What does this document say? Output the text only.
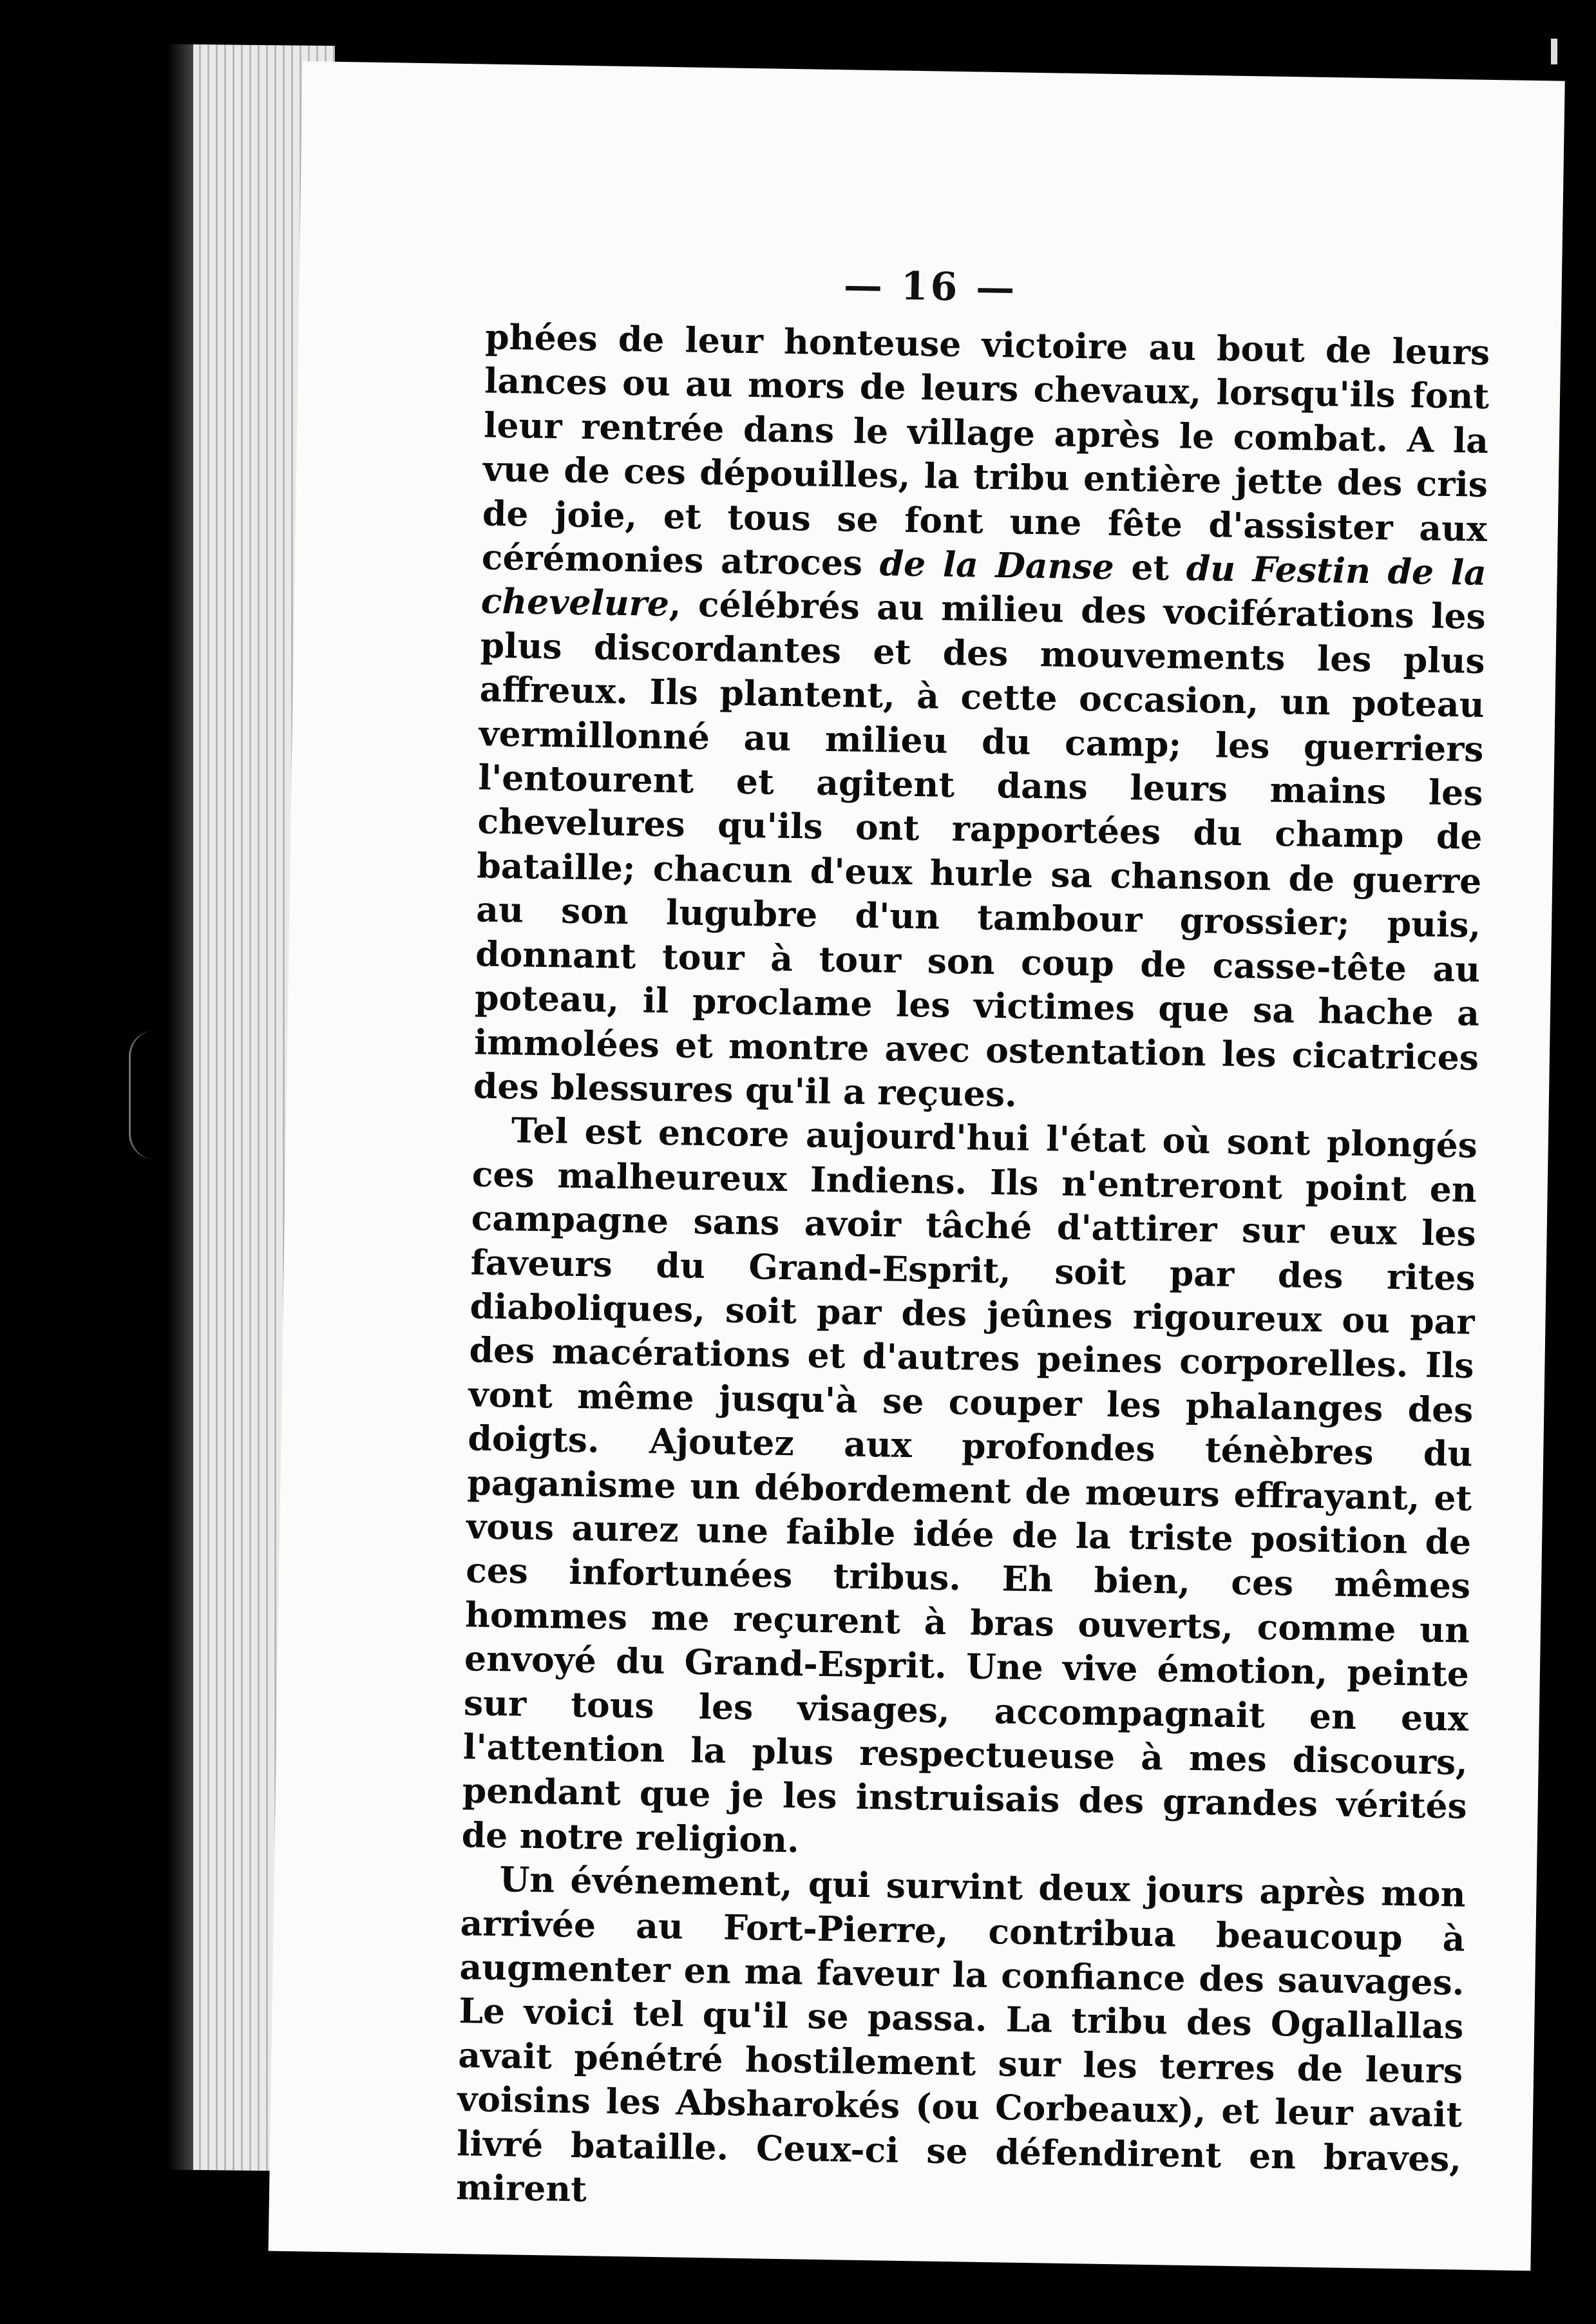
— 16 —

phées de leur honteuse victoire au bout de leurs lances ou au mors de leurs chevaux, lorsqu'ils font leur rentrée dans le village après le combat. A la vue de ces dépouilles, la tribu entière jette des cris de joie, et tous se font une fête d'assister aux cérémonies atroces de la Danse et du Festin de la chevelure, célébrés au milieu des vociférations les plus discordantes et des mouvements les plus affreux. Ils plantent, à cette occasion, un poteau vermillonné au milieu du camp; les guerriers l'entourent et agitent dans leurs mains les chevelures qu'ils ont rapportées du champ de bataille; chacun d'eux hurle sa chanson de guerre au son lugubre d'un tambour grossier; puis, donnant tour à tour son coup de casse-tête au poteau, il proclame les victimes que sa hache a immolées et montre avec ostentation les cicatrices des blessures qu'il a reçues.

Tel est encore aujourd'hui l'état où sont plongés ces malheureux Indiens. Ils n'entreront point en campagne sans avoir tâché d'attirer sur eux les faveurs du Grand-Esprit, soit par des rites diaboliques, soit par des jeûnes rigoureux ou par des macérations et d'autres peines corporelles. Ils vont même jusqu'à se couper les phalanges des doigts. Ajoutez aux profondes ténèbres du paganisme un débordement de mœurs effrayant, et vous aurez une faible idée de la triste position de ces infortunées tribus. Eh bien, ces mêmes hommes me reçurent à bras ouverts, comme un envoyé du Grand-Esprit. Une vive émotion, peinte sur tous les visages, accompagnait en eux l'attention la plus respectueuse à mes discours, pendant que je les instruisais des grandes vérités de notre religion.

Un événement, qui survint deux jours après mon arrivée au Fort-Pierre, contribua beaucoup à augmenter en ma faveur la confiance des sauvages. Le voici tel qu'il se passa. La tribu des Ogallallas avait pénétré hostilement sur les terres de leurs voisins les Absharokés (ou Corbeaux), et leur avait livré bataille. Ceux-ci se défendirent en braves, mirent
